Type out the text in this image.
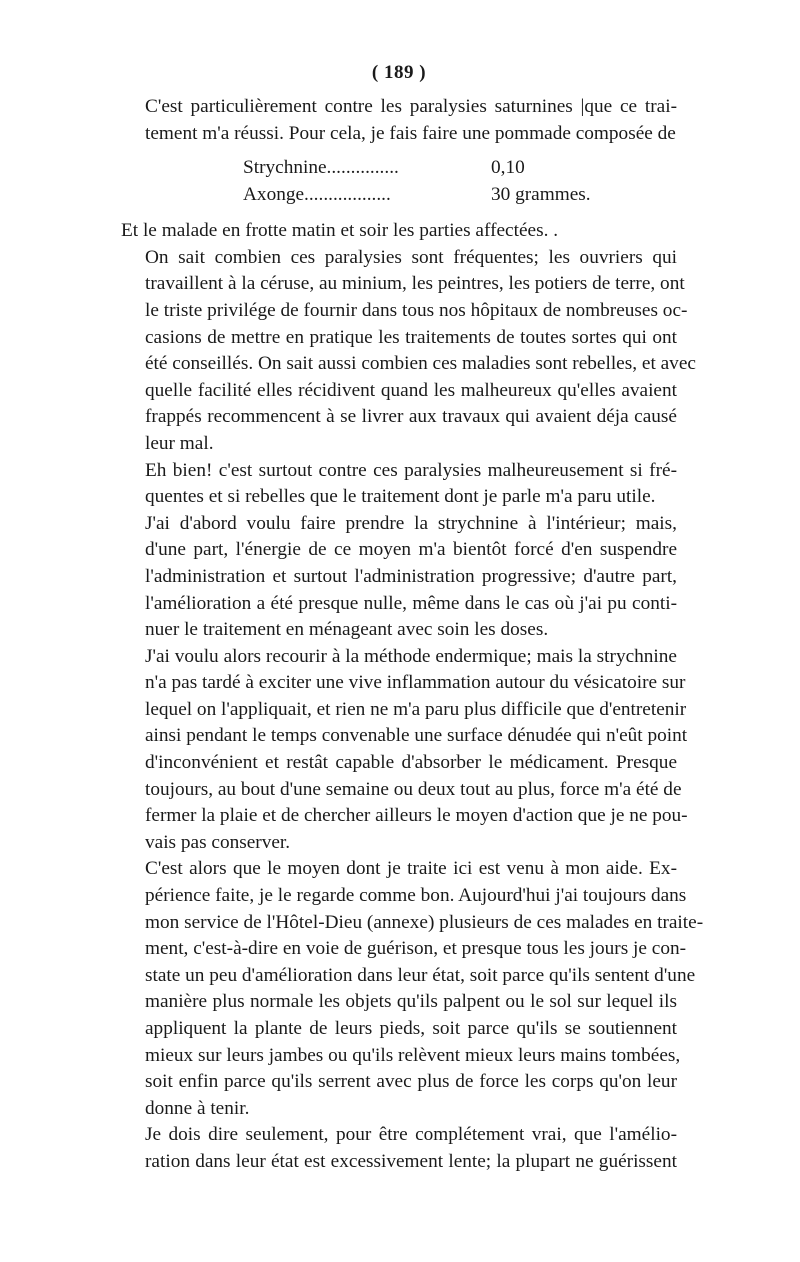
( 189 )

C'est particulièrement contre les paralysies saturnines |que ce trai-
tement m'a réussi. Pour cela, je fais faire une pommade composée de

Strychnine...............	0,10
Axonge..................	30 grammes.

Et le malade en frotte matin et soir les parties affectées. .

On sait combien ces paralysies sont fréquentes; les ouvriers qui
travaillent à la céruse, au minium, les peintres, les potiers de terre, ont
le triste privilége de fournir dans tous nos hôpitaux de nombreuses oc-
casions de mettre en pratique les traitements de toutes sortes qui ont
été conseillés. On sait aussi combien ces maladies sont rebelles, et avec
quelle facilité elles récidivent quand les malheureux qu'elles avaient
frappés recommencent à se livrer aux travaux qui avaient déja causé
leur mal.

Eh bien! c'est surtout contre ces paralysies malheureusement si fré-
quentes et si rebelles que le traitement dont je parle m'a paru utile.

J'ai d'abord voulu faire prendre la strychnine à l'intérieur; mais,
d'une part, l'énergie de ce moyen m'a bientôt forcé d'en suspendre
l'administration et surtout l'administration progressive; d'autre part,
l'amélioration a été presque nulle, même dans le cas où j'ai pu conti-
nuer le traitement en ménageant avec soin les doses.

J'ai voulu alors recourir à la méthode endermique; mais la strychnine
n'a pas tardé à exciter une vive inflammation autour du vésicatoire sur
lequel on l'appliquait, et rien ne m'a paru plus difficile que d'entretenir
ainsi pendant le temps convenable une surface dénudée qui n'eût point
d'inconvénient et restât capable d'absorber le médicament. Presque
toujours, au bout d'une semaine ou deux tout au plus, force m'a été de
fermer la plaie et de chercher ailleurs le moyen d'action que je ne pou-
vais pas conserver.

C'est alors que le moyen dont je traite ici est venu à mon aide. Ex-
périence faite, je le regarde comme bon. Aujourd'hui j'ai toujours dans
mon service de l'Hôtel-Dieu (annexe) plusieurs de ces malades en traite-
ment, c'est-à-dire en voie de guérison, et presque tous les jours je con-
state un peu d'amélioration dans leur état, soit parce qu'ils sentent d'une
manière plus normale les objets qu'ils palpent ou le sol sur lequel ils
appliquent la plante de leurs pieds, soit parce qu'ils se soutiennent
mieux sur leurs jambes ou qu'ils relèvent mieux leurs mains tombées,
soit enfin parce qu'ils serrent avec plus de force les corps qu'on leur
donne à tenir.

Je dois dire seulement, pour être complétement vrai, que l'amélio-
ration dans leur état est excessivement lente; la plupart ne guérissent
